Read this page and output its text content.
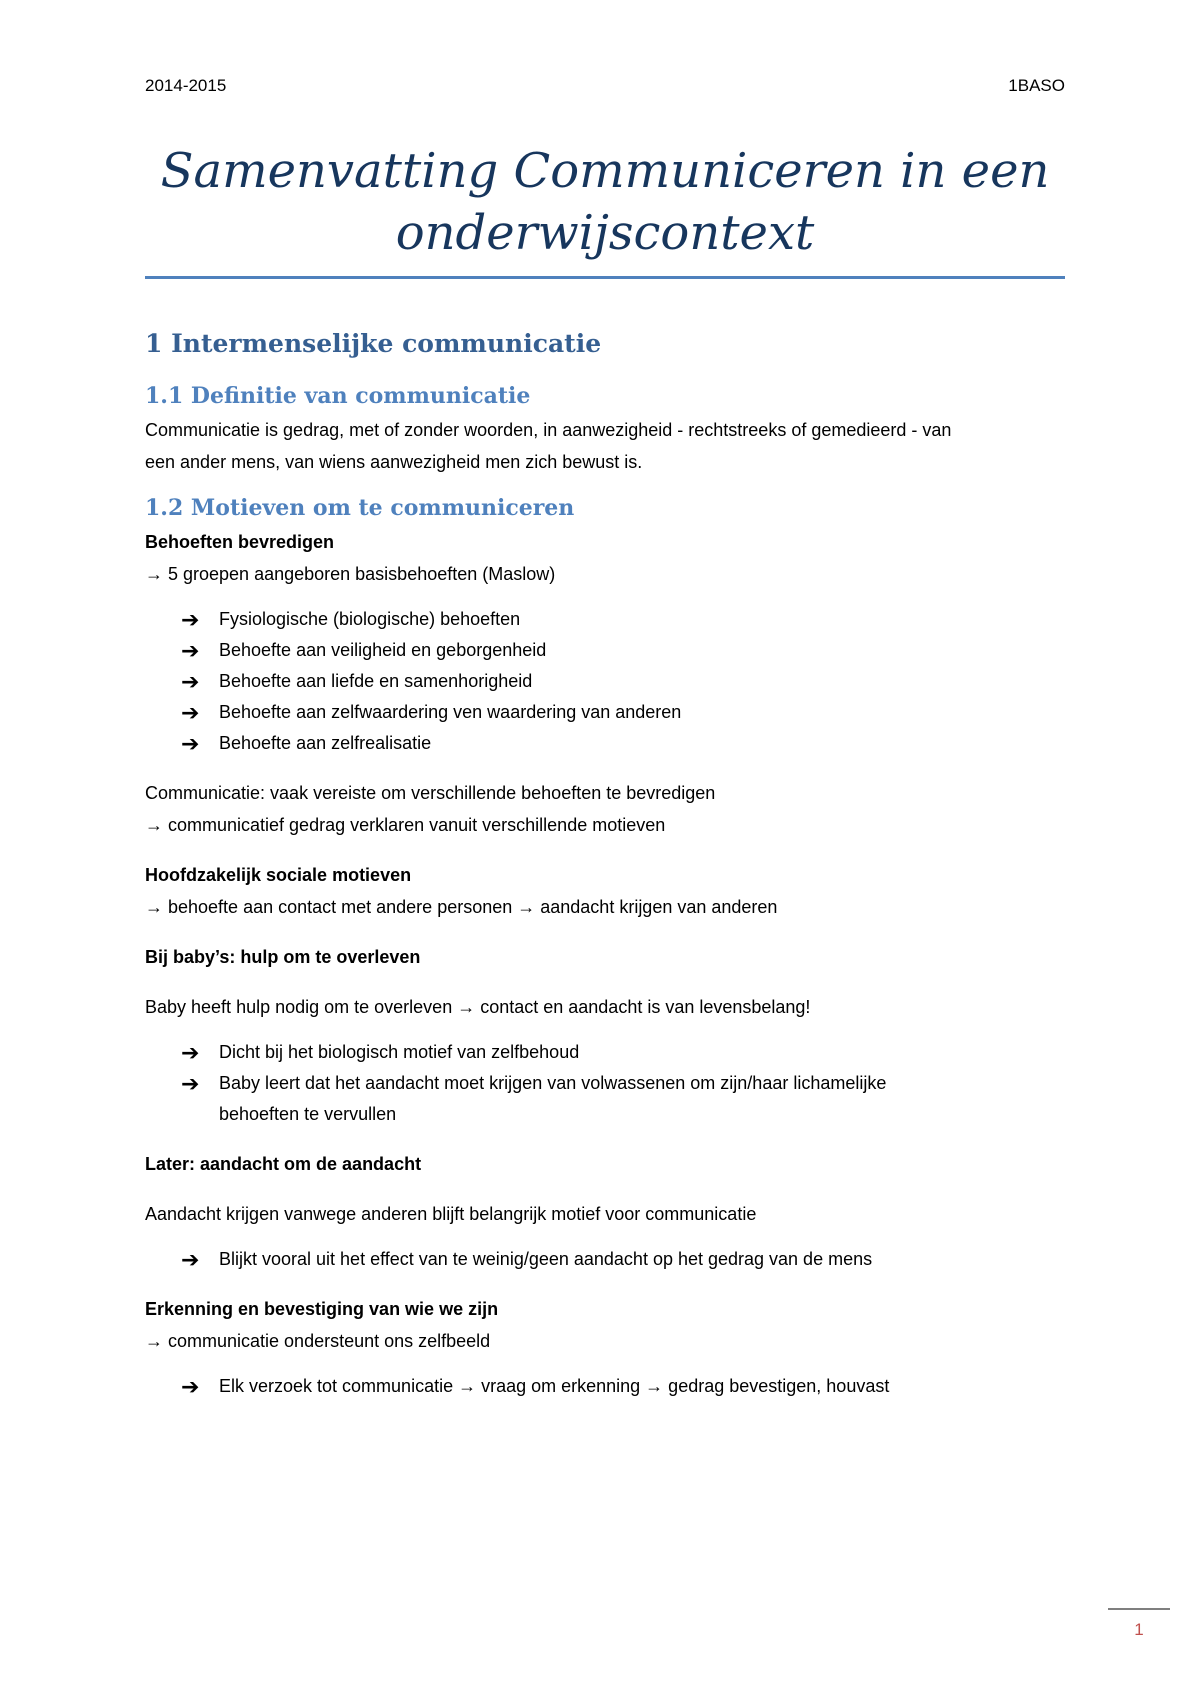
2014-2015	1BASO
Samenvatting Communiceren in een
onderwijscontext
1 Intermenselijke communicatie
1.1 Definitie van communicatie
Communicatie is gedrag, met of zonder woorden, in aanwezigheid - rechtstreeks of gemedieerd - van
een ander mens, van wiens aanwezigheid men zich bewust is.
1.2 Motieven om te communiceren
Behoeften bevredigen
→ 5 groepen aangeboren basisbehoeften (Maslow)
➔ Fysiologische (biologische) behoeften
➔ Behoefte aan veiligheid en geborgenheid
➔ Behoefte aan liefde en samenhorigheid
➔ Behoefte aan zelfwaardering ven waardering van anderen
➔ Behoefte aan zelfrealisatie
Communicatie: vaak vereiste om verschillende behoeften te bevredigen
→ communicatief gedrag verklaren vanuit verschillende motieven
Hoofdzakelijk sociale motieven
→ behoefte aan contact met andere personen → aandacht krijgen van anderen
Bij baby’s: hulp om te overleven
Baby heeft hulp nodig om te overleven → contact en aandacht is van levensbelang!
➔ Dicht bij het biologisch motief van zelfbehoud
➔ Baby leert dat het aandacht moet krijgen van volwassenen om zijn/haar lichamelijke
behoeften te vervullen
Later: aandacht om de aandacht
Aandacht krijgen vanwege anderen blijft belangrijk motief voor communicatie
➔ Blijkt vooral uit het effect van te weinig/geen aandacht op het gedrag van de mens
Erkenning en bevestiging van wie we zijn
→ communicatie ondersteunt ons zelfbeeld
➔ Elk verzoek tot communicatie → vraag om erkenning → gedrag bevestigen, houvast
1
